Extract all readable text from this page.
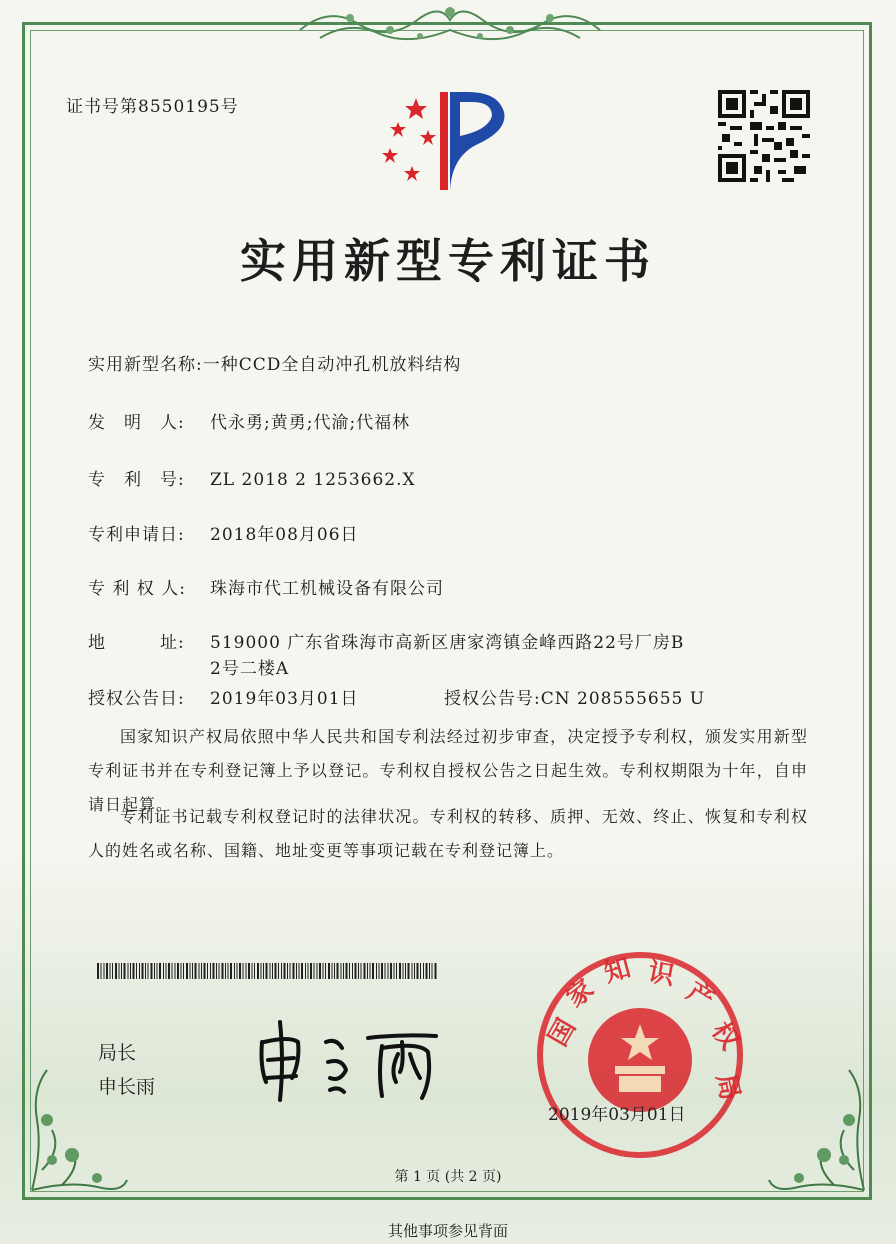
证书号第8550195号
实用新型专利证书
实用新型名称:一种CCD全自动冲孔机放料结构
发　明　人: 代永勇;黄勇;代渝;代福林
专　利　号: ZL 2018 2 1253662.X
专利申请日: 2018年08月06日
专 利 权 人: 珠海市代工机械设备有限公司
地　　　址: 519000 广东省珠海市高新区唐家湾镇金峰西路22号厂房B
2号二楼A
授权公告日: 2019年03月01日	授权公告号:CN 208555655 U
国家知识产权局依照中华人民共和国专利法经过初步审查，决定授予专利权，颁发实用新型专利证书并在专利登记簿上予以登记。专利权自授权公告之日起生效。专利权期限为十年，自申请日起算。
专利证书记载专利权登记时的法律状况。专利权的转移、质押、无效、终止、恢复和专利权人的姓名或名称、国籍、地址变更等事项记载在专利登记簿上。
局长
申长雨
国
家
知 识
产
权
局
2019年03月01日
第 1 页 (共 2 页)
其他事项参见背面
